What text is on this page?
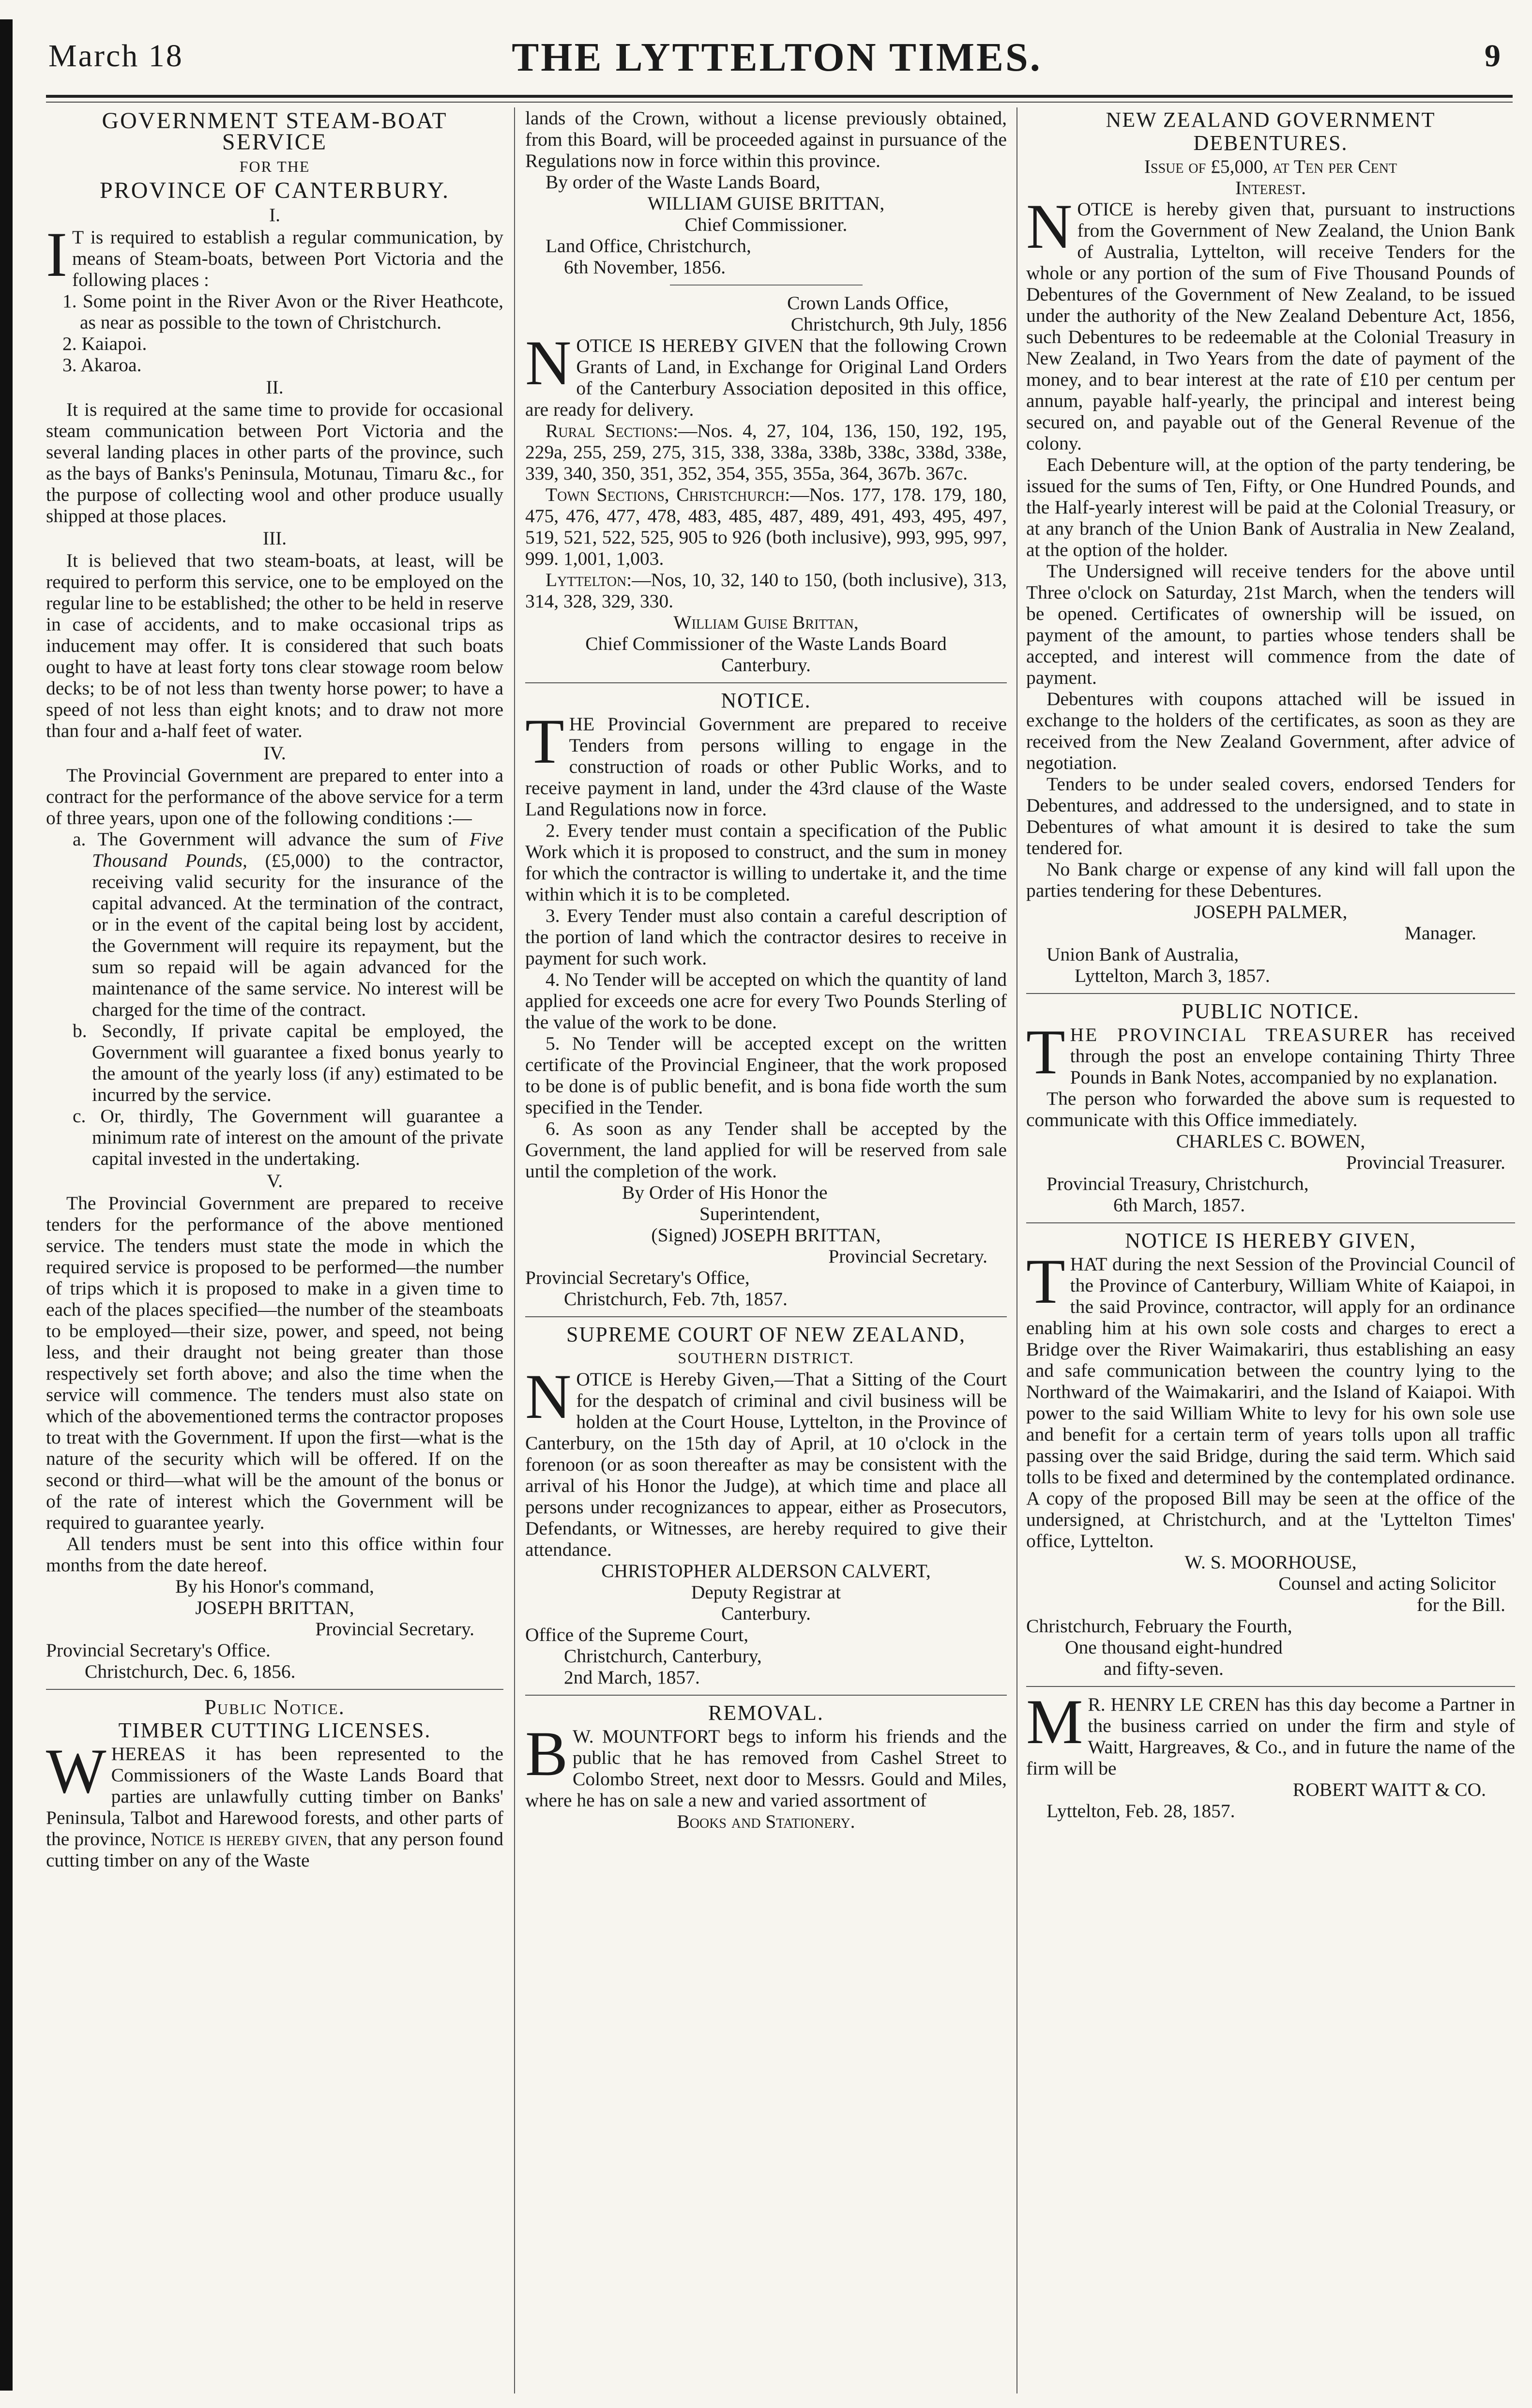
March 18	THE LYTTELTON TIMES.	9
GOVERNMENT STEAM-BOAT SERVICE
FOR THE
PROVINCE OF CANTERBURY.
I.

I T is required to establish a regular communication, by means of Steam-boats, between Port Victoria and the following places :

1. Some point in the River Avon or the River Heathcote, as near as possible to the town of Christchurch.

2. Kaiapoi.

3. Akaroa.

II.

It is required at the same time to provide for occasional steam communication between Port Victoria and the several landing places in other parts of the province, such as the bays of Banks's Peninsula, Motunau, Timaru &c., for the purpose of collecting wool and other produce usually shipped at those places.

III.

It is believed that two steam-boats, at least, will be required to perform this service, one to be employed on the regular line to be established; the other to be held in reserve in case of accidents, and to make occasional trips as inducement may offer. It is considered that such boats ought to have at least forty tons clear stowage room below decks; to be of not less than twenty horse power; to have a speed of not less than eight knots; and to draw not more than four and a-half feet of water.

IV.

The Provincial Government are prepared to enter into a contract for the performance of the above service for a term of three years, upon one of the following conditions :—

a. The Government will advance the sum of Five Thousand Pounds, (£5,000) to the contractor, receiving valid security for the insurance of the capital advanced. At the termination of the contract, or in the event of the capital being lost by accident, the Government will require its repayment, but the sum so repaid will be again advanced for the maintenance of the same service. No interest will be charged for the time of the contract.

b. Secondly, If private capital be employed, the Government will guarantee a fixed bonus yearly to the amount of the yearly loss (if any) estimated to be incurred by the service.

c. Or, thirdly, The Government will guarantee a minimum rate of interest on the amount of the private capital invested in the undertaking.

V.

The Provincial Government are prepared to receive tenders for the performance of the above mentioned service. The tenders must state the mode in which the required service is proposed to be performed—the number of trips which it is proposed to make in a given time to each of the places specified—the number of the steamboats to be employed—their size, power, and speed, not being less, and their draught not being greater than those respectively set forth above; and also the time when the service will commence. The tenders must also state on which of the abovementioned terms the contractor proposes to treat with the Government. If upon the first—what is the nature of the security which will be offered. If on the second or third—what will be the amount of the bonus or of the rate of interest which the Government will be required to guarantee yearly.

All tenders must be sent into this office within four months from the date hereof.

By his Honor's command,

JOSEPH BRITTAN,

Provincial Secretary.

Provincial Secretary's Office.

Christchurch, Dec. 6, 1856.

Public Notice.
TIMBER CUTTING LICENSES.

WHEREAS it has been represented to the Commissioners of the Waste Lands Board that parties are unlawfully cutting timber on Banks' Peninsula, Talbot and Harewood forests, and other parts of the province, Notice is hereby given, that any person found cutting timber on any of the Waste

lands of the Crown, without a license previously obtained, from this Board, will be proceeded against in pursuance of the Regulations now in force within this province.

By order of the Waste Lands Board,

WILLIAM GUISE BRITTAN,

Chief Commissioner.

Land Office, Christchurch,

6th November, 1856.

Crown Lands Office,

Christchurch, 9th July, 1856

NOTICE IS HEREBY GIVEN that the following Crown Grants of Land, in Exchange for Original Land Orders of the Canterbury Association deposited in this office, are ready for delivery.

Rural Sections:—Nos. 4, 27, 104, 136, 150, 192, 195, 229a, 255, 259, 275, 315, 338, 338a, 338b, 338c, 338d, 338e, 339, 340, 350, 351, 352, 354, 355, 355a, 364, 367b. 367c.

Town Sections, Christchurch:—Nos. 177, 178. 179, 180, 475, 476, 477, 478, 483, 485, 487, 489, 491, 493, 495, 497, 519, 521, 522, 525, 905 to 926 (both inclusive), 993, 995, 997, 999. 1,001, 1,003.

Lyttelton:—Nos, 10, 32, 140 to 150, (both inclusive), 313, 314, 328, 329, 330.

William Guise Brittan,

Chief Commissioner of the Waste Lands Board

Canterbury.

NOTICE.

THE Provincial Government are prepared to receive Tenders from persons willing to engage in the construction of roads or other Public Works, and to receive payment in land, under the 43rd clause of the Waste Land Regulations now in force.

2. Every tender must contain a specification of the Public Work which it is proposed to construct, and the sum in money for which the contractor is willing to undertake it, and the time within which it is to be completed.

3. Every Tender must also contain a careful description of the portion of land which the contractor desires to receive in payment for such work.

4. No Tender will be accepted on which the quantity of land applied for exceeds one acre for every Two Pounds Sterling of the value of the work to be done.

5. No Tender will be accepted except on the written certificate of the Provincial Engineer, that the work proposed to be done is of public benefit, and is bona fide worth the sum specified in the Tender.

6. As soon as any Tender shall be accepted by the Government, the land applied for will be reserved from sale until the completion of the work.

By Order of His Honor the

Superintendent,

(Signed) JOSEPH BRITTAN,

Provincial Secretary.

Provincial Secretary's Office,

Christchurch, Feb. 7th, 1857.

SUPREME COURT OF NEW ZEALAND,
SOUTHERN DISTRICT.

NOTICE is Hereby Given,—That a Sitting of the Court for the despatch of criminal and civil business will be holden at the Court House, Lyttelton, in the Province of Canterbury, on the 15th day of April, at 10 o'clock in the forenoon (or as soon thereafter as may be consistent with the arrival of his Honor the Judge), at which time and place all persons under recognizances to appear, either as Prosecutors, Defendants, or Witnesses, are hereby required to give their attendance.

CHRISTOPHER ALDERSON CALVERT,

Deputy Registrar at

Canterbury.

Office of the Supreme Court,

Christchurch, Canterbury,

2nd March, 1857.

REMOVAL.

B W. MOUNTFORT begs to inform his friends and the public that he has removed from Cashel Street to Colombo Street, next door to Messrs. Gould and Miles, where he has on sale a new and varied assortment of

Books and Stationery.

NEW ZEALAND GOVERNMENT
DEBENTURES.

Issue of £5,000, at Ten per Cent

Interest.

NOTICE is hereby given that, pursuant to instructions from the Government of New Zealand, the Union Bank of Australia, Lyttelton, will receive Tenders for the whole or any portion of the sum of Five Thousand Pounds of Debentures of the Government of New Zealand, to be issued under the authority of the New Zealand Debenture Act, 1856, such Debentures to be redeemable at the Colonial Treasury in New Zealand, in Two Years from the date of payment of the money, and to bear interest at the rate of £10 per centum per annum, payable half-yearly, the principal and interest being secured on, and payable out of the General Revenue of the colony.

Each Debenture will, at the option of the party tendering, be issued for the sums of Ten, Fifty, or One Hundred Pounds, and the Half-yearly interest will be paid at the Colonial Treasury, or at any branch of the Union Bank of Australia in New Zealand, at the option of the holder.

The Undersigned will receive tenders for the above until Three o'clock on Saturday, 21st March, when the tenders will be opened. Certificates of ownership will be issued, on payment of the amount, to parties whose tenders shall be accepted, and interest will commence from the date of payment.

Debentures with coupons attached will be issued in exchange to the holders of the certificates, as soon as they are received from the New Zealand Government, after advice of negotiation.

Tenders to be under sealed covers, endorsed Tenders for Debentures, and addressed to the undersigned, and to state in Debentures of what amount it is desired to take the sum tendered for.

No Bank charge or expense of any kind will fall upon the parties tendering for these Debentures.

JOSEPH PALMER,

Manager.

Union Bank of Australia,

Lyttelton, March 3, 1857.

PUBLIC NOTICE.

THE PROVINCIAL TREASURER has received through the post an envelope containing Thirty Three Pounds in Bank Notes, accompanied by no explanation.

The person who forwarded the above sum is requested to communicate with this Office immediately.

CHARLES C. BOWEN,

Provincial Treasurer.

Provincial Treasury, Christchurch,

6th March, 1857.

NOTICE IS HEREBY GIVEN,

THAT during the next Session of the Provincial Council of the Province of Canterbury, William White of Kaiapoi, in the said Province, contractor, will apply for an ordinance enabling him at his own sole costs and charges to erect a Bridge over the River Waimakariri, thus establishing an easy and safe communication between the country lying to the Northward of the Waimakariri, and the Island of Kaiapoi. With power to the said William White to levy for his own sole use and benefit for a certain term of years tolls upon all traffic passing over the said Bridge, during the said term. Which said tolls to be fixed and determined by the contemplated ordinance. A copy of the proposed Bill may be seen at the office of the undersigned, at Christchurch, and at the 'Lyttelton Times' office, Lyttelton.

W. S. MOORHOUSE,

Counsel and acting Solicitor

for the Bill.

Christchurch, February the Fourth,

One thousand eight-hundred

and fifty-seven.

M R. HENRY LE CREN has this day become a Partner in the business carried on under the firm and style of Waitt, Hargreaves, & Co., and in future the name of the firm will be

ROBERT WAITT & CO.

Lyttelton, Feb. 28, 1857.
